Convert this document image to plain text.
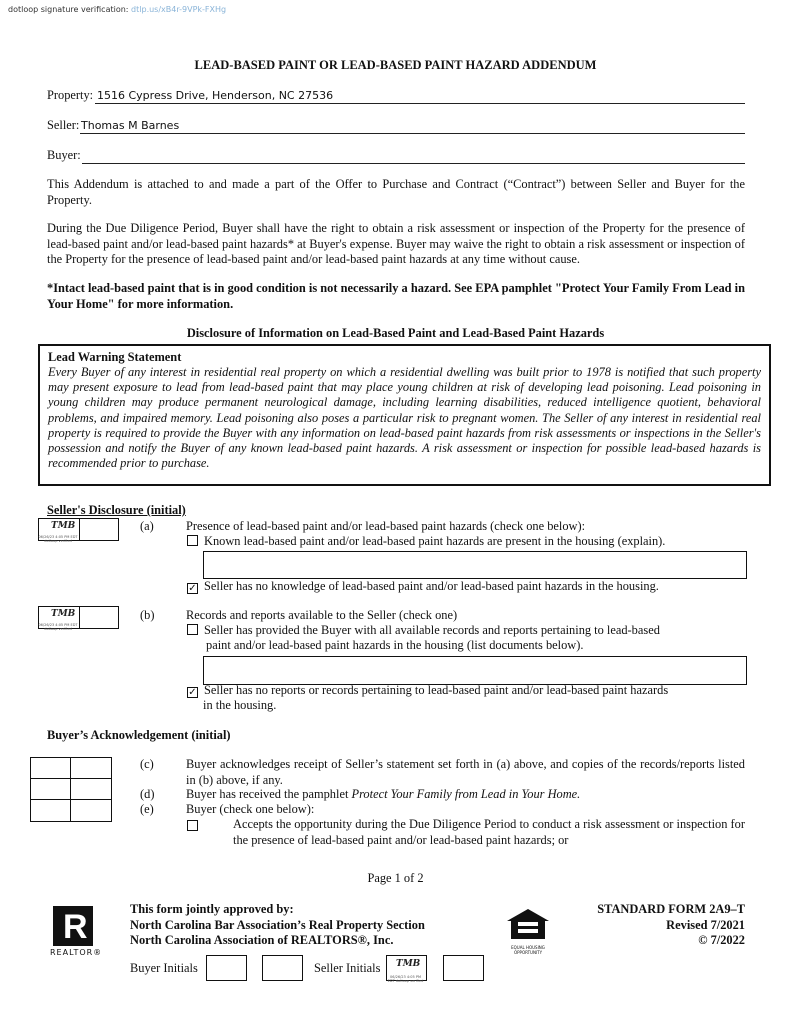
dotloop signature verification: dtlp.us/xB4r-9VPk-FXHg
LEAD-BASED PAINT OR LEAD-BASED PAINT HAZARD ADDENDUM
Property: 1516 Cypress Drive, Henderson, NC 27536
Seller: Thomas M Barnes
Buyer:
This Addendum is attached to and made a part of the Offer to Purchase and Contract (“Contract”) between Seller and Buyer for the Property.
During the Due Diligence Period, Buyer shall have the right to obtain a risk assessment or inspection of the Property for the presence of lead-based paint and/or lead-based paint hazards* at Buyer's expense. Buyer may waive the right to obtain a risk assessment or inspection of the Property for the presence of lead-based paint and/or lead-based paint hazards at any time without cause.
*Intact lead-based paint that is in good condition is not necessarily a hazard. See EPA pamphlet "Protect Your Family From Lead in Your Home" for more information.
Disclosure of Information on Lead-Based Paint and Lead-Based Paint Hazards
Lead Warning Statement
Every Buyer of any interest in residential real property on which a residential dwelling was built prior to 1978 is notified that such property may present exposure to lead from lead-based paint that may place young children at risk of developing lead poisoning. Lead poisoning in young children may produce permanent neurological damage, including learning disabilities, reduced intelligence quotient, behavioral problems, and impaired memory. Lead poisoning also poses a particular risk to pregnant women. The Seller of any interest in residential real property is required to provide the Buyer with any information on lead-based paint hazards from risk assessments or inspections in the Seller's possession and notify the Buyer of any known lead-based paint hazards. A risk assessment or inspection for possible lead-based hazards is recommended prior to purchase.
Seller's Disclosure (initial)
TMB
06/26/23 4:05 PM EDT dotloop verified
(a)	Presence of lead-based paint and/or lead-based paint hazards (check one below):
Known lead-based paint and/or lead-based paint hazards are present in the housing (explain).
✓ Seller has no knowledge of lead-based paint and/or lead-based paint hazards in the housing.
TMB
06/26/23 4:05 PM EDT dotloop verified
(b)	Records and reports available to the Seller (check one)
Seller has provided the Buyer with all available records and reports pertaining to lead-based
paint and/or lead-based paint hazards in the housing (list documents below).
✓ Seller has no reports or records pertaining to lead-based paint and/or lead-based paint hazards
in the housing.
Buyer’s Acknowledgement (initial)
(c)	Buyer acknowledges receipt of Seller’s statement set forth in (a) above, and copies of the records/reports listed in (b) above, if any.
(d)	Buyer has received the pamphlet Protect Your Family from Lead in Your Home.
(e)	Buyer (check one below):
Accepts the opportunity during the Due Diligence Period to conduct a risk assessment or inspection for the presence of lead-based paint and/or lead-based paint hazards; or
Page 1 of 2
R
REALTOR®
This form jointly approved by:
North Carolina Bar Association’s Real Property Section
North Carolina Association of REALTORS®, Inc.
EQUAL HOUSING OPPORTUNITY
STANDARD FORM 2A9–T
Revised 7/2021
© 7/2022
Buyer Initials	Seller Initials TMB
06/26/23 4:05 PM EDT dotloop verified
